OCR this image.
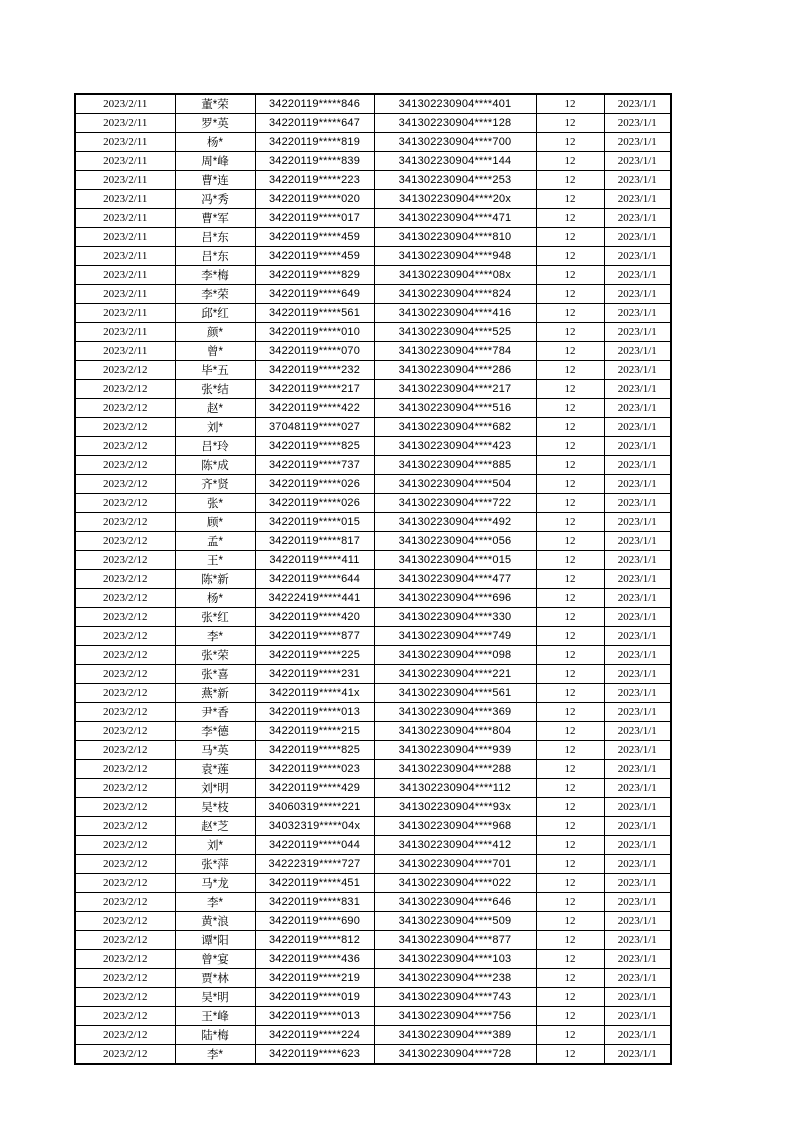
2023/2/11	董*荣	34220119*****846	341302230904****401	12	2023/1/1
2023/2/11	罗*英	34220119*****647	341302230904****128	12	2023/1/1
2023/2/11	杨*	34220119*****819	341302230904****700	12	2023/1/1
2023/2/11	周*峰	34220119*****839	341302230904****144	12	2023/1/1
2023/2/11	曹*连	34220119*****223	341302230904****253	12	2023/1/1
2023/2/11	冯*秀	34220119*****020	341302230904****20x	12	2023/1/1
2023/2/11	曹*军	34220119*****017	341302230904****471	12	2023/1/1
2023/2/11	吕*东	34220119*****459	341302230904****810	12	2023/1/1
2023/2/11	吕*东	34220119*****459	341302230904****948	12	2023/1/1
2023/2/11	李*梅	34220119*****829	341302230904****08x	12	2023/1/1
2023/2/11	李*荣	34220119*****649	341302230904****824	12	2023/1/1
2023/2/11	邱*红	34220119*****561	341302230904****416	12	2023/1/1
2023/2/11	颜*	34220119*****010	341302230904****525	12	2023/1/1
2023/2/11	曾*	34220119*****070	341302230904****784	12	2023/1/1
2023/2/12	毕*五	34220119*****232	341302230904****286	12	2023/1/1
2023/2/12	张*结	34220119*****217	341302230904****217	12	2023/1/1
2023/2/12	赵*	34220119*****422	341302230904****516	12	2023/1/1
2023/2/12	刘*	37048119*****027	341302230904****682	12	2023/1/1
2023/2/12	吕*玲	34220119*****825	341302230904****423	12	2023/1/1
2023/2/12	陈*成	34220119*****737	341302230904****885	12	2023/1/1
2023/2/12	齐*贤	34220119*****026	341302230904****504	12	2023/1/1
2023/2/12	张*	34220119*****026	341302230904****722	12	2023/1/1
2023/2/12	顾*	34220119*****015	341302230904****492	12	2023/1/1
2023/2/12	孟*	34220119*****817	341302230904****056	12	2023/1/1
2023/2/12	王*	34220119*****411	341302230904****015	12	2023/1/1
2023/2/12	陈*新	34220119*****644	341302230904****477	12	2023/1/1
2023/2/12	杨*	34222419*****441	341302230904****696	12	2023/1/1
2023/2/12	张*红	34220119*****420	341302230904****330	12	2023/1/1
2023/2/12	李*	34220119*****877	341302230904****749	12	2023/1/1
2023/2/12	张*荣	34220119*****225	341302230904****098	12	2023/1/1
2023/2/12	张*喜	34220119*****231	341302230904****221	12	2023/1/1
2023/2/12	燕*新	34220119*****41x	341302230904****561	12	2023/1/1
2023/2/12	尹*香	34220119*****013	341302230904****369	12	2023/1/1
2023/2/12	李*德	34220119*****215	341302230904****804	12	2023/1/1
2023/2/12	马*英	34220119*****825	341302230904****939	12	2023/1/1
2023/2/12	袁*莲	34220119*****023	341302230904****288	12	2023/1/1
2023/2/12	刘*明	34220119*****429	341302230904****112	12	2023/1/1
2023/2/12	吴*枝	34060319*****221	341302230904****93x	12	2023/1/1
2023/2/12	赵*芝	34032319*****04x	341302230904****968	12	2023/1/1
2023/2/12	刘*	34220119*****044	341302230904****412	12	2023/1/1
2023/2/12	张*萍	34222319*****727	341302230904****701	12	2023/1/1
2023/2/12	马*龙	34220119*****451	341302230904****022	12	2023/1/1
2023/2/12	李*	34220119*****831	341302230904****646	12	2023/1/1
2023/2/12	黄*浪	34220119*****690	341302230904****509	12	2023/1/1
2023/2/12	谭*阳	34220119*****812	341302230904****877	12	2023/1/1
2023/2/12	曾*宴	34220119*****436	341302230904****103	12	2023/1/1
2023/2/12	贾*林	34220119*****219	341302230904****238	12	2023/1/1
2023/2/12	吴*明	34220119*****019	341302230904****743	12	2023/1/1
2023/2/12	王*峰	34220119*****013	341302230904****756	12	2023/1/1
2023/2/12	陆*梅	34220119*****224	341302230904****389	12	2023/1/1
2023/2/12	李*	34220119*****623	341302230904****728	12	2023/1/1
